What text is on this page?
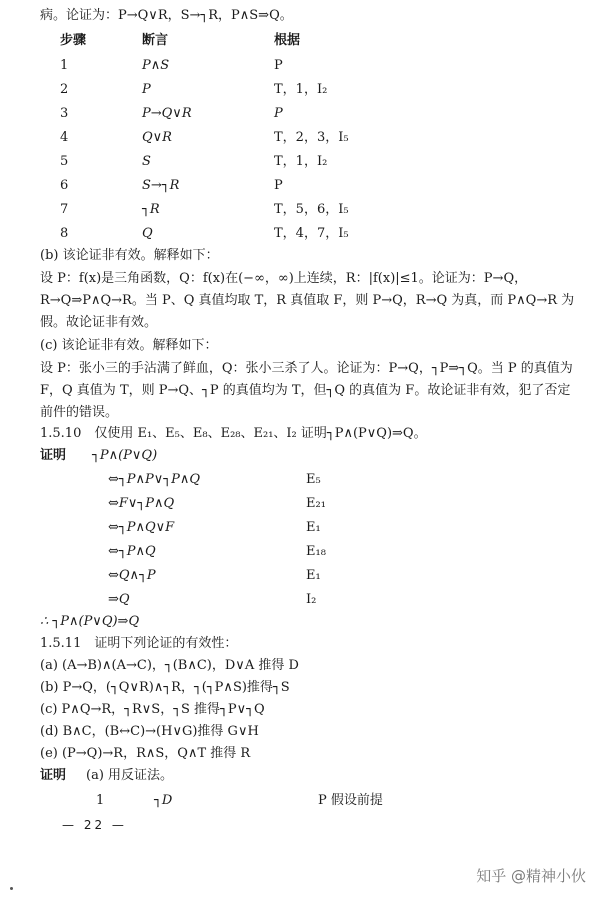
病。论证为：P→Q∨R，S→┐R，P∧S⇒Q。
步骤	断言	根据
1	P∧S	P
2	P	T，1，I₂
3	P→Q∨R	P
4	Q∨R	T，2，3，I₅
5	S	T，1，I₂
6	S→┐R	P
7	┐R	T，5，6，I₅
8	Q	T，4，7，I₅
(b) 该论证非有效。解释如下：
设 P：f(x)是三角函数，Q：f(x)在(−∞，∞)上连续，R：|f(x)|≤1。论证为：P→Q，R→Q⇒P∧Q→R。当 P、Q 真值均取 T，R 真值取 F，则 P→Q，R→Q 为真，而 P∧Q→R 为假。故论证非有效。
(c) 该论证非有效。解释如下：
设 P：张小三的手沾满了鲜血，Q：张小三杀了人。论证为：P→Q，┐P⇒┐Q。当 P 的真值为 F，Q 真值为 T，则 P→Q、┐P 的真值均为 T，但┐Q 的真值为 F。故论证非有效，犯了否定前件的错误。
1.5.10　仅使用 E₁、E₅、E₈、E₂₈、E₂₁、I₂ 证明┐P∧(P∨Q)⇒Q。
证明 ┐P∧(P∨Q)
⇔┐P∧P∨┐P∧Q	E₅
⇔F∨┐P∧Q	E₂₁
⇔┐P∧Q∨F	E₁
⇔┐P∧Q	E₁₈
⇔Q∧┐P	E₁
⇒Q	I₂
∴ ┐P∧(P∨Q)⇒Q
1.5.11　证明下列论证的有效性：
(a) (A→B)∧(A→C)，┐(B∧C)，D∨A 推得 D
(b) P→Q，(┐Q∨R)∧┐R，┐(┐P∧S)推得┐S
(c) P∧Q→R，┐R∨S，┐S 推得┐P∨┐Q
(d) B∧C，(B↔C)→(H∨G)推得 G∨H
(e) (P→Q)→R，R∧S，Q∧T 推得 R
证明 (a) 用反证法。
1	┐D	P 假设前提
— 22 —
知乎 @精神小伙
